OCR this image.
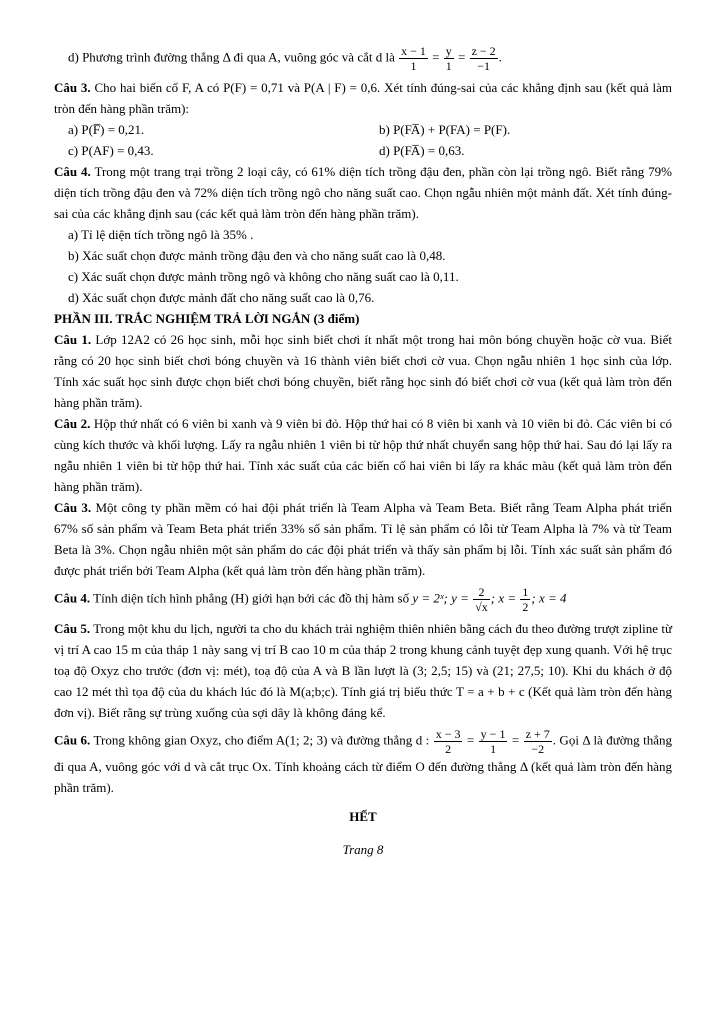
d) Phương trình đường thẳng Δ đi qua A, vuông góc và cắt d là $\frac{x - 1}{1} = \frac{y}{1} = \frac{z - 2}{-1}$ .

Câu 3. Cho hai biến cố F, A có P(F) = 0,71 và P(A | F) = 0,6. Xét tính đúng-sai của các khẳng định sau (kết quả làm tròn đến hàng phần trăm):

a) P(F̅) = 0,21.	b) P(FA̅) + P(FA) = P(F).
c) P(AF) = 0,43.	d) P(FA̅) = 0,63.

Câu 4. Trong một trang trại trồng 2 loại cây, có 61% diện tích trồng đậu đen, phần còn lại trồng ngô. Biết rằng 79% diện tích trồng đậu đen và 72% diện tích trồng ngô cho năng suất cao. Chọn ngẫu nhiên một mảnh đất. Xét tính đúng-sai của các khẳng định sau (các kết quả làm tròn đến hàng phần trăm).

a) Tỉ lệ diện tích trồng ngô là 35% .

b) Xác suất chọn được mảnh trồng đậu đen và cho năng suất cao là 0,48.

c) Xác suất chọn được mảnh trồng ngô và không cho năng suất cao là 0,11.

d) Xác suất chọn được mảnh đất cho năng suất cao là 0,76.

PHẦN III. TRẮC NGHIỆM TRẢ LỜI NGẮN (3 điểm)

Câu 1. Lớp 12A2 có 26 học sinh, mỗi học sinh biết chơi ít nhất một trong hai môn bóng chuyền hoặc cờ vua. Biết rằng có 20 học sinh biết chơi bóng chuyền và 16 thành viên biết chơi cờ vua. Chọn ngẫu nhiên 1 học sinh của lớp. Tính xác suất học sinh được chọn biết chơi bóng chuyền, biết rằng học sinh đó biết chơi cờ vua (kết quả làm tròn đến hàng phần trăm).

Câu 2. Hộp thứ nhất có 6 viên bi xanh và 9 viên bi đỏ. Hộp thứ hai có 8 viên bi xanh và 10 viên bi đỏ. Các viên bi có cùng kích thước và khối lượng. Lấy ra ngẫu nhiên 1 viên bi từ hộp thứ nhất chuyển sang hộp thứ hai. Sau đó lại lấy ra ngẫu nhiên 1 viên bi từ hộp thứ hai. Tính xác suất của các biến cố hai viên bi lấy ra khác màu (kết quả làm tròn đến hàng phần trăm).

Câu 3. Một công ty phần mềm có hai đội phát triển là Team Alpha và Team Beta. Biết rằng Team Alpha phát triển 67% số sản phẩm và Team Beta phát triển 33% số sản phẩm. Tỉ lệ sản phẩm có lỗi từ Team Alpha là 7% và từ Team Beta là 3%. Chọn ngẫu nhiên một sản phẩm do các đội phát triển và thấy sản phẩm bị lỗi. Tính xác suất sản phẩm đó được phát triển bởi Team Alpha (kết quả làm tròn đến hàng phần trăm).

Câu 4. Tính diện tích hình phẳng (H) giới hạn bởi các đồ thị hàm số y = 2ˣ; $y = \frac{2}{√x}$ ; $x = \frac{1}{2}$ ; x = 4

Câu 5. Trong một khu du lịch, người ta cho du khách trải nghiệm thiên nhiên bằng cách đu theo đường trượt zipline từ vị trí A cao 15 m của tháp 1 này sang vị trí B cao 10 m của tháp 2 trong khung cảnh tuyệt đẹp xung quanh. Với hệ trục toạ độ Oxyz cho trước (đơn vị: mét), toạ độ của A và B lần lượt là (3; 2,5; 15) và (21; 27,5; 10). Khi du khách ở độ cao 12 mét thì tọa độ của du khách lúc đó là M(a;b;c). Tính giá trị biểu thức T = a + b + c (Kết quả làm tròn đến hàng đơn vị). Biết rằng sự trùng xuống của sợi dây là không đáng kể.

Câu 6. Trong không gian Oxyz, cho điểm A(1; 2; 3) và đường thẳng d : $\frac{x - 3}{2} = \frac{y - 1}{1} = \frac{z + 7}{-2}$ . Gọi Δ là đường thẳng đi qua A, vuông góc với d và cắt trục Ox. Tính khoảng cách từ điểm O đến đường thẳng Δ (kết quả làm tròn đến hàng phần trăm).

HẾT

Trang 8
